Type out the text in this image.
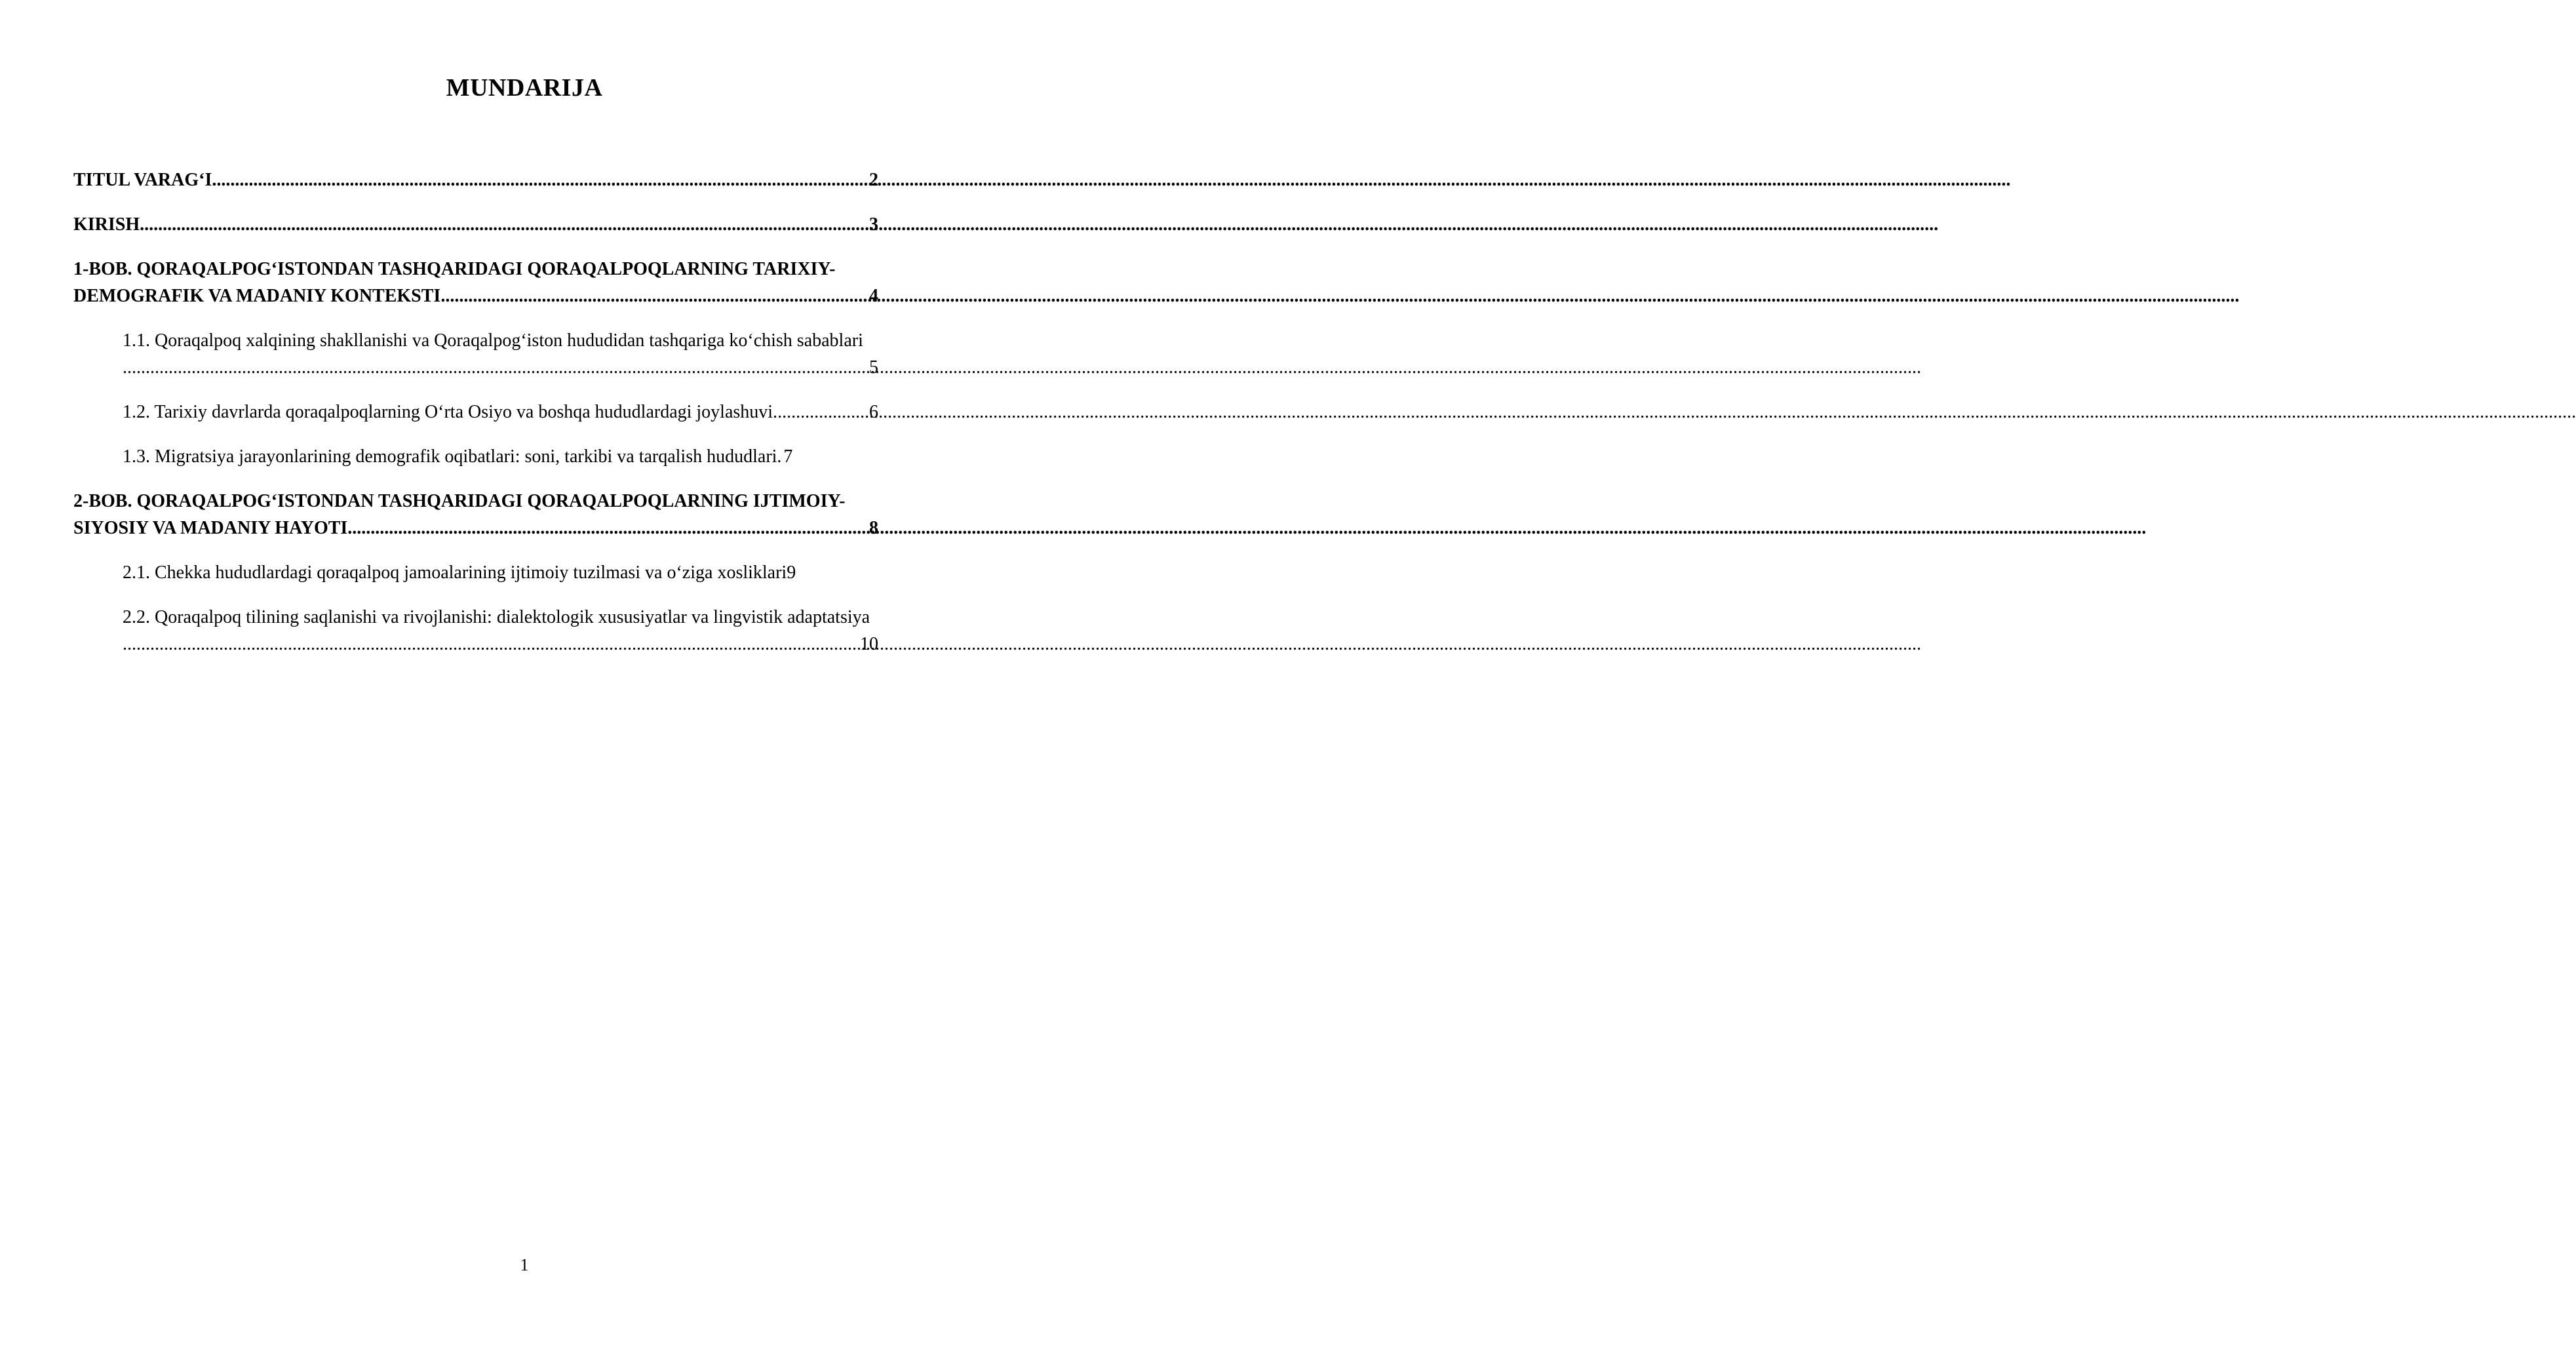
MUNDARIJA
TITUL VARAG‘I .....	2
KIRISH .....	3
1-BOB. QORAQALPOG‘ISTONDAN TASHQARIDAGI QORAQALPOQLARNING TARIXIY-
DEMOGRAFIK VA MADANIY KONTEKSTI .....	4
1.1. Qoraqalpoq xalqining shakllanishi va Qoraqalpog‘iston hududidan tashqariga ko‘chish sabablari
.....
5
1.2. Tarixiy davrlarda qoraqalpoqlarning O‘rta Osiyo va boshqa hududlardagi joylashuvi. .....	6
1.3. Migratsiya jarayonlarining demografik oqibatlari: soni, tarkibi va tarqalish hududlari. 7
2-BOB. QORAQALPOG‘ISTONDAN TASHQARIDAGI QORAQALPOQLARNING IJTIMOIY-
SIYOSIY VA MADANIY HAYOTI .....	8
2.1. Chekka hududlardagi qoraqalpoq jamoalarining ijtimoiy tuzilmasi va o‘ziga xosliklari 9
2.2. Qoraqalpoq tilining saqlanishi va rivojlanishi: dialektologik xususiyatlar va lingvistik adaptatsiya
.....
10
1
